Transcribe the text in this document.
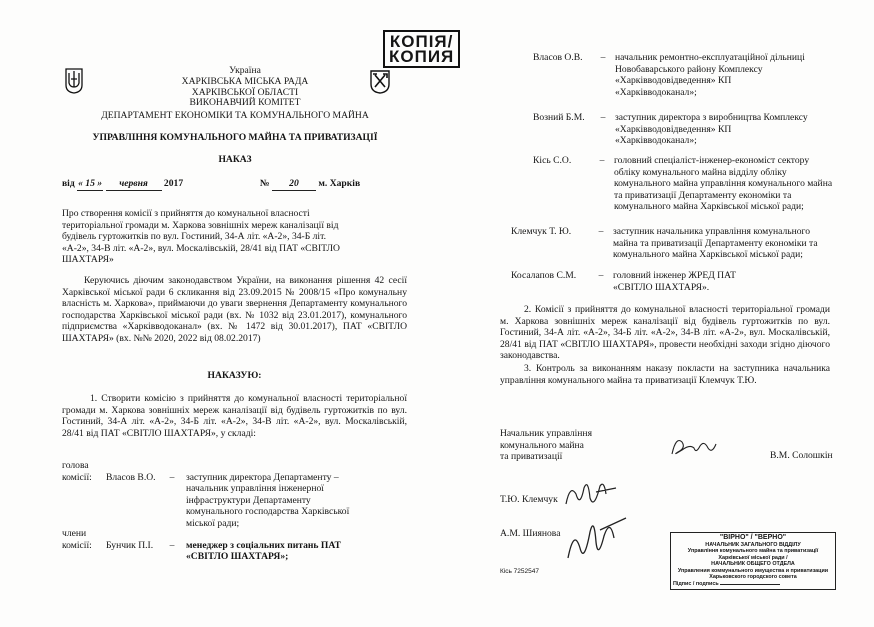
КОПІЯ/
КОПИЯ
Україна
ХАРКІВСЬКА МІСЬКА РАДА
ХАРКІВСЬКОЇ ОБЛАСТІ
ВИКОНАВЧИЙ КОМІТЕТ
ДЕПАРТАМЕНТ ЕКОНОМІКИ ТА КОМУНАЛЬНОГО МАЙНА
УПРАВЛІННЯ КОМУНАЛЬНОГО МАЙНА ТА ПРИВАТИЗАЦІЇ
НАКАЗ
від « 15 » червня 2017	№ 20 м. Харків
Про створення комісії з прийняття до комунальної власності територіальної громади м. Харкова зовнішніх мереж каналізації від будівель гуртожитків по вул. Гостиний, 34-А літ. «А-2», 34-Б літ. «А-2», 34-В літ. «А-2», вул. Москалівській, 28/41 від ПАТ «СВІТЛО ШАХТАРЯ»
Керуючись діючим законодавством України, на виконання рішення 42 сесії Харківської міської ради 6 скликання від 23.09.2015 № 2008/15 «Про комунальну власність м. Харкова», приймаючи до уваги звернення Департаменту комунального господарства Харківської міської ради (вх. № 1032 від 23.01.2017), комунального підприємства «Харківводоканал» (вх. № 1472 від 30.01.2017), ПАТ «СВІТЛО ШАХТАРЯ» (вх. №№ 2020, 2022 від 08.02.2017)
НАКАЗУЮ:
1. Створити комісію з прийняття до комунальної власності територіальної громади м. Харкова зовнішніх мереж каналізації від будівель гуртожитків по вул. Гостиний, 34-А літ. «А-2», 34-Б літ. «А-2», 34-В літ. «А-2», вул. Москалівській, 28/41 від ПАТ «СВІТЛО ШАХТАРЯ», у складі:
голова
комісії:	Власов В.О.	–	заступник директора Департаменту – начальник управління інженерної інфраструктури Департаменту комунального господарства Харківської міської ради;
члени
комісії:	Бунчик П.І.	–	менеджер з соціальних питань ПАТ «СВІТЛО ШАХТАРЯ»;
Власов О.В.	–	начальник ремонтно-експлуатаційної дільниці Новобаварського району Комплексу «Харківводовідведення» КП «Харківводоканал»;
Возний Б.М.	–	заступник директора з виробництва Комплексу «Харківводовідведення» КП «Харківводоканал»;
Кісь С.О.	– головний спеціаліст-інженер-економіст сектору обліку комунального майна відділу обліку комунального майна управління комунального майна та приватизації Департаменту економіки та комунального майна Харківської міської ради;
Клемчук Т. Ю.	–	заступник начальника управління комунального майна та приватизації Департаменту економіки та комунального майна Харківської міської ради;
Косалапов С.М.	–	головний інженер ЖРЕД ПАТ «СВІТЛО ШАХТАРЯ».
2. Комісії з прийняття до комунальної власності територіальної громади м. Харкова зовнішніх мереж каналізації від будівель гуртожитків по вул. Гостиний, 34-А літ. «А-2», 34-Б літ. «А-2», 34-В літ. «А-2», вул. Москалівській, 28/41 від ПАТ «СВІТЛО ШАХТАРЯ», провести необхідні заходи згідно діючого законодавства.
3. Контроль за виконанням наказу покласти на заступника начальника управління комунального майна та приватизації Клемчук Т.Ю.
Начальник управління
комунального майна
та приватизації	В.М. Солошкін
Т.Ю. Клемчук
А.М. Шиянова
Кісь 7252547
"ВІРНО" / "ВЕРНО"
НАЧАЛЬНИК ЗАГАЛЬНОГО ВІДДІЛУ
Управління комунального майна та приватизації
Харківської міської ради /
НАЧАЛЬНИК ОБЩЕГО ОТДЕЛА
Управления коммунального имущества и приватизации
Харьковского городского совета
Підпис / подпись
